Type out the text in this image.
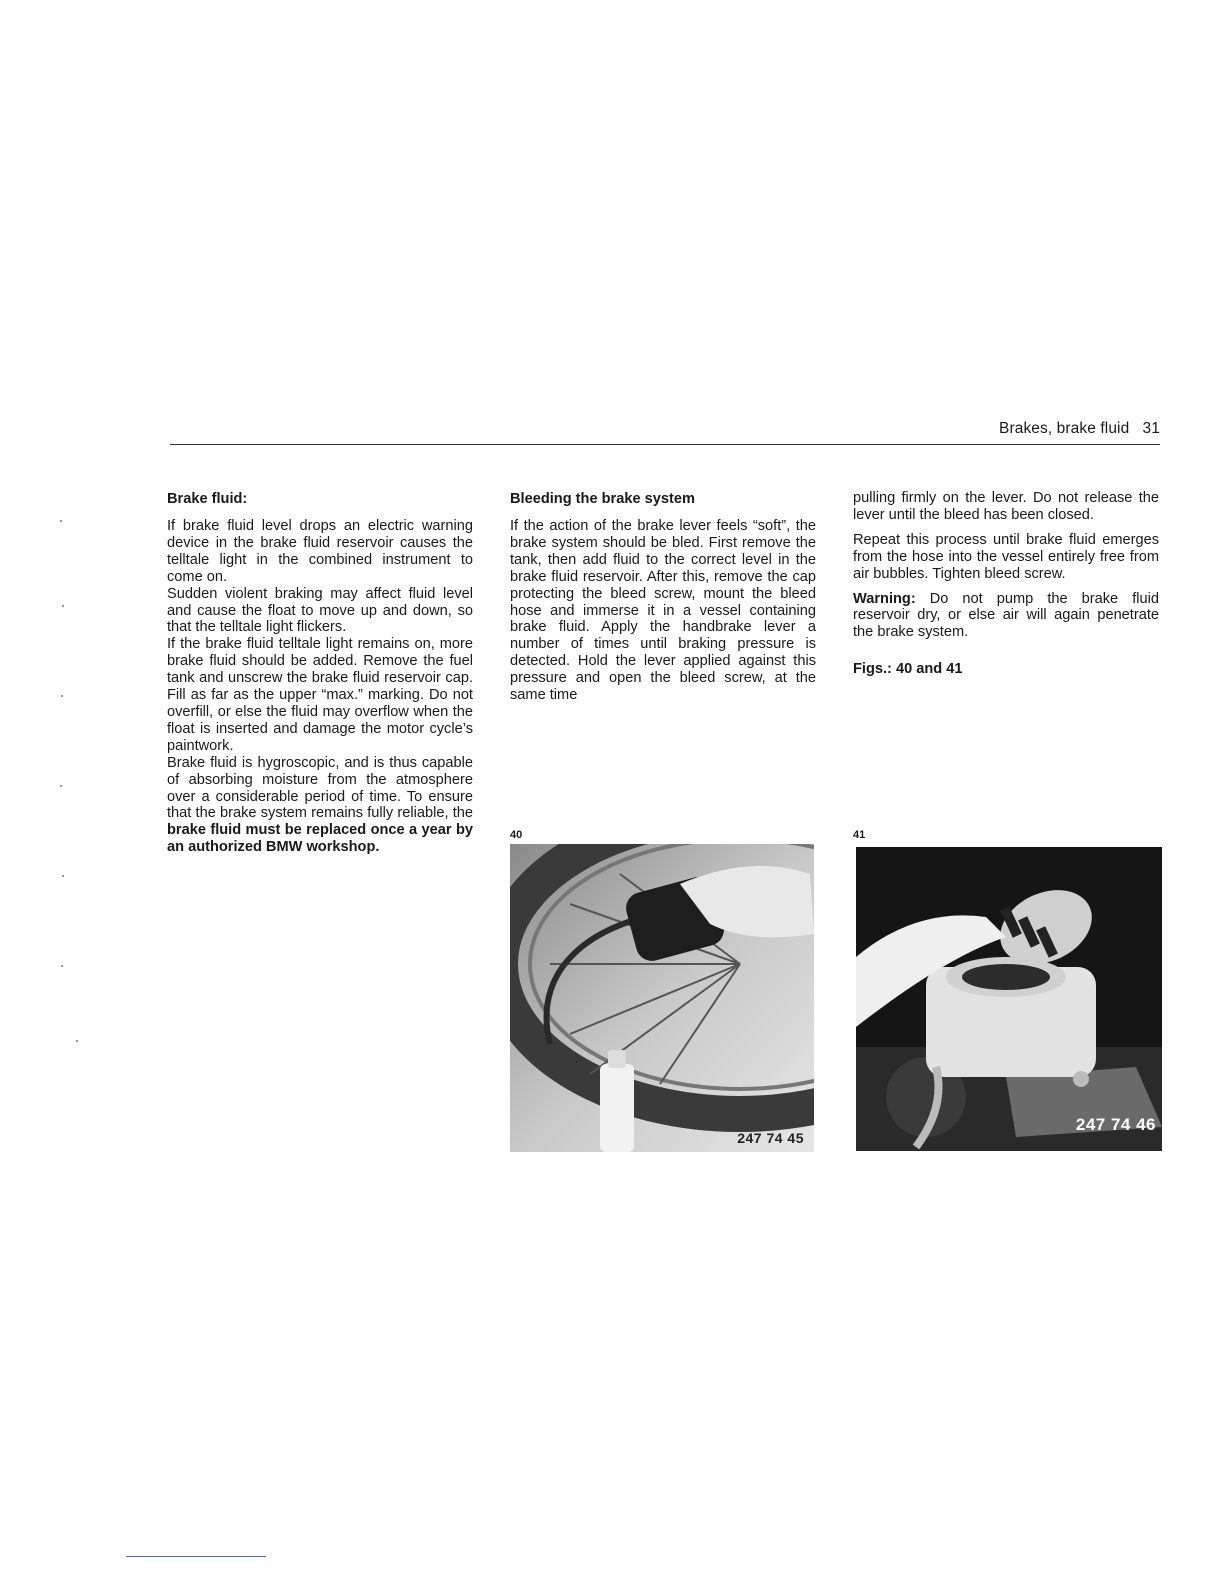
Brakes, brake fluid 31
Brake fluid:

If brake fluid level drops an electric warning device in the brake fluid reservoir causes the telltale light in the combined instrument to come on.

Sudden violent braking may affect fluid level and cause the float to move up and down, so that the telltale light flickers.

If the brake fluid telltale light remains on, more brake fluid should be added. Remove the fuel tank and unscrew the brake fluid reservoir cap. Fill as far as the upper “max.” marking. Do not overfill, or else the fluid may overflow when the float is inserted and damage the motor cycle’s paintwork.

Brake fluid is hygroscopic, and is thus capable of absorbing moisture from the atmosphere over a considerable period of time. To ensure that the brake system remains fully reliable, the brake fluid must be replaced once a year by an authorized BMW workshop.

Bleeding the brake system

If the action of the brake lever feels “soft”, the brake system should be bled. First remove the tank, then add fluid to the correct level in the brake fluid reservoir. After this, remove the cap protecting the bleed screw, mount the bleed hose and immerse it in a vessel containing brake fluid. Apply the handbrake lever a number of times until braking pressure is detected. Hold the lever applied against this pressure and open the bleed screw, at the same time

pulling firmly on the lever. Do not release the lever until the bleed has been closed.

Repeat this process until brake fluid emerges from the hose into the vessel entirely free from air bubbles. Tighten bleed screw.

Warning: Do not pump the brake fluid reservoir dry, or else air will again penetrate the brake system.

Figs.: 40 and 41

40
247 74 45
41
247 74 46
